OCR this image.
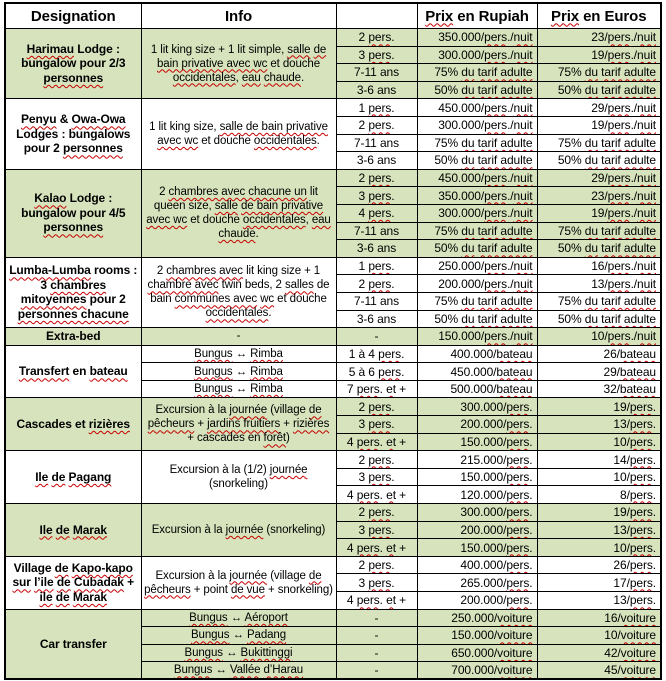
Designation	Info		Prix en Rupiah	Prix en Euros
Harimau Lodge : bungalow pour 2/3 personnes	1 lit king size + 1 lit simple, salle de bain privative avec wc et douche occidentales, eau chaude.	2 pers.	350.000/pers./nuit	23/pers./nuit
		3 pers.	300.000/pers./nuit	19/pers./nuit
		7-11 ans	75% du tarif adulte	75% du tarif adulte
		3-6 ans	50% du tarif adulte	50% du tarif adulte
Penyu & Owa-Owa Lodges : bungalows pour 2 personnes	1 lit king size, salle de bain privative avec wc et douche occidentales.	1 pers.	450.000/pers./nuit	29/pers./nuit
		2 pers.	300.000/pers./nuit	19/pers./nuit
		7-11 ans	75% du tarif adulte	75% du tarif adulte
		3-6 ans	50% du tarif adulte	50% du tarif adulte
Kalao Lodge : bungalow pour 4/5 personnes	2 chambres avec chacune un lit queen size, salle de bain privative avec wc et douche occidentales, eau chaude.	2 pers.	450.000/pers./nuit	29/pers./nuit
		3 pers.	350.000/pers./nuit	23/pers./nuit
		4 pers.	300.000/pers./nuit	19/pers./nuit
		7-11 ans	75% du tarif adulte	75% du tarif adulte
		3-6 ans	50% du tarif adulte	50% du tarif adulte
Lumba-Lumba rooms : 3 chambres mitoyennes pour 2 personnes chacune	2 chambres avec lit king size + 1 chambre avec twin beds, 2 salles de bain communes avec wc et douche occidentales.	1 pers.	250.000/pers./nuit	16/pers./nuit
		2 pers.	200.000/pers./nuit	13/pers./nuit
		7-11 ans	75% du tarif adulte	75% du tarif adulte
		3-6 ans	50% du tarif adulte	50% du tarif adulte
Extra-bed	-	-	150.000/pers./nuit	10/pers./nuit
Transfert en bateau	Bungus ↔ Rimba	1 à 4 pers.	400.000/bateau	26/bateau
	Bungus ↔ Rimba	5 à 6 pers.	450.000/bateau	29/bateau
	Bungus ↔ Rimba	7 pers. et +	500.000/bateau	32/bateau
Cascades et rizières	Excursion à la journée (village de pêcheurs + jardins fruitiers + rizières + cascades en forêt)	2 pers.	300.000/pers.	19/pers.
		3 pers.	200.000/pers.	13/pers.
		4 pers. et +	150.000/pers.	10/pers.
Ile de Pagang	Excursion à la (1/2) journée (snorkeling)	2 pers.	215.000/pers.	14/pers.
		3 pers.	150.000/pers.	10/pers.
		4 pers. et +	120.000/pers.	8/pers.
Ile de Marak	Excursion à la journée (snorkeling)	2 pers.	300.000/pers.	19/pers.
		3 pers.	200.000/pers.	13/pers.
		4 pers. et +	150.000/pers.	10/pers.
Village de Kapo-kapo sur l’ile de Cubadak + ile de Marak	Excursion à la journée (village de pêcheurs + point de vue + snorkeling)	2 pers.	400.000/pers.	26/pers.
		3 pers.	265.000/pers.	17/pers.
		4 pers. et +	200.000/pers.	13/pers.
Car transfer	Bungus ↔ Aéroport	-	250.000/voiture	16/voiture
	Bungus ↔ Padang	-	150.000/voiture	10/voiture
	Bungus ↔ Bukittinggi	-	650.000/voiture	42/voiture
	Bungus ↔ Vallée d’Harau	-	700.000/voiture	45/voiture
